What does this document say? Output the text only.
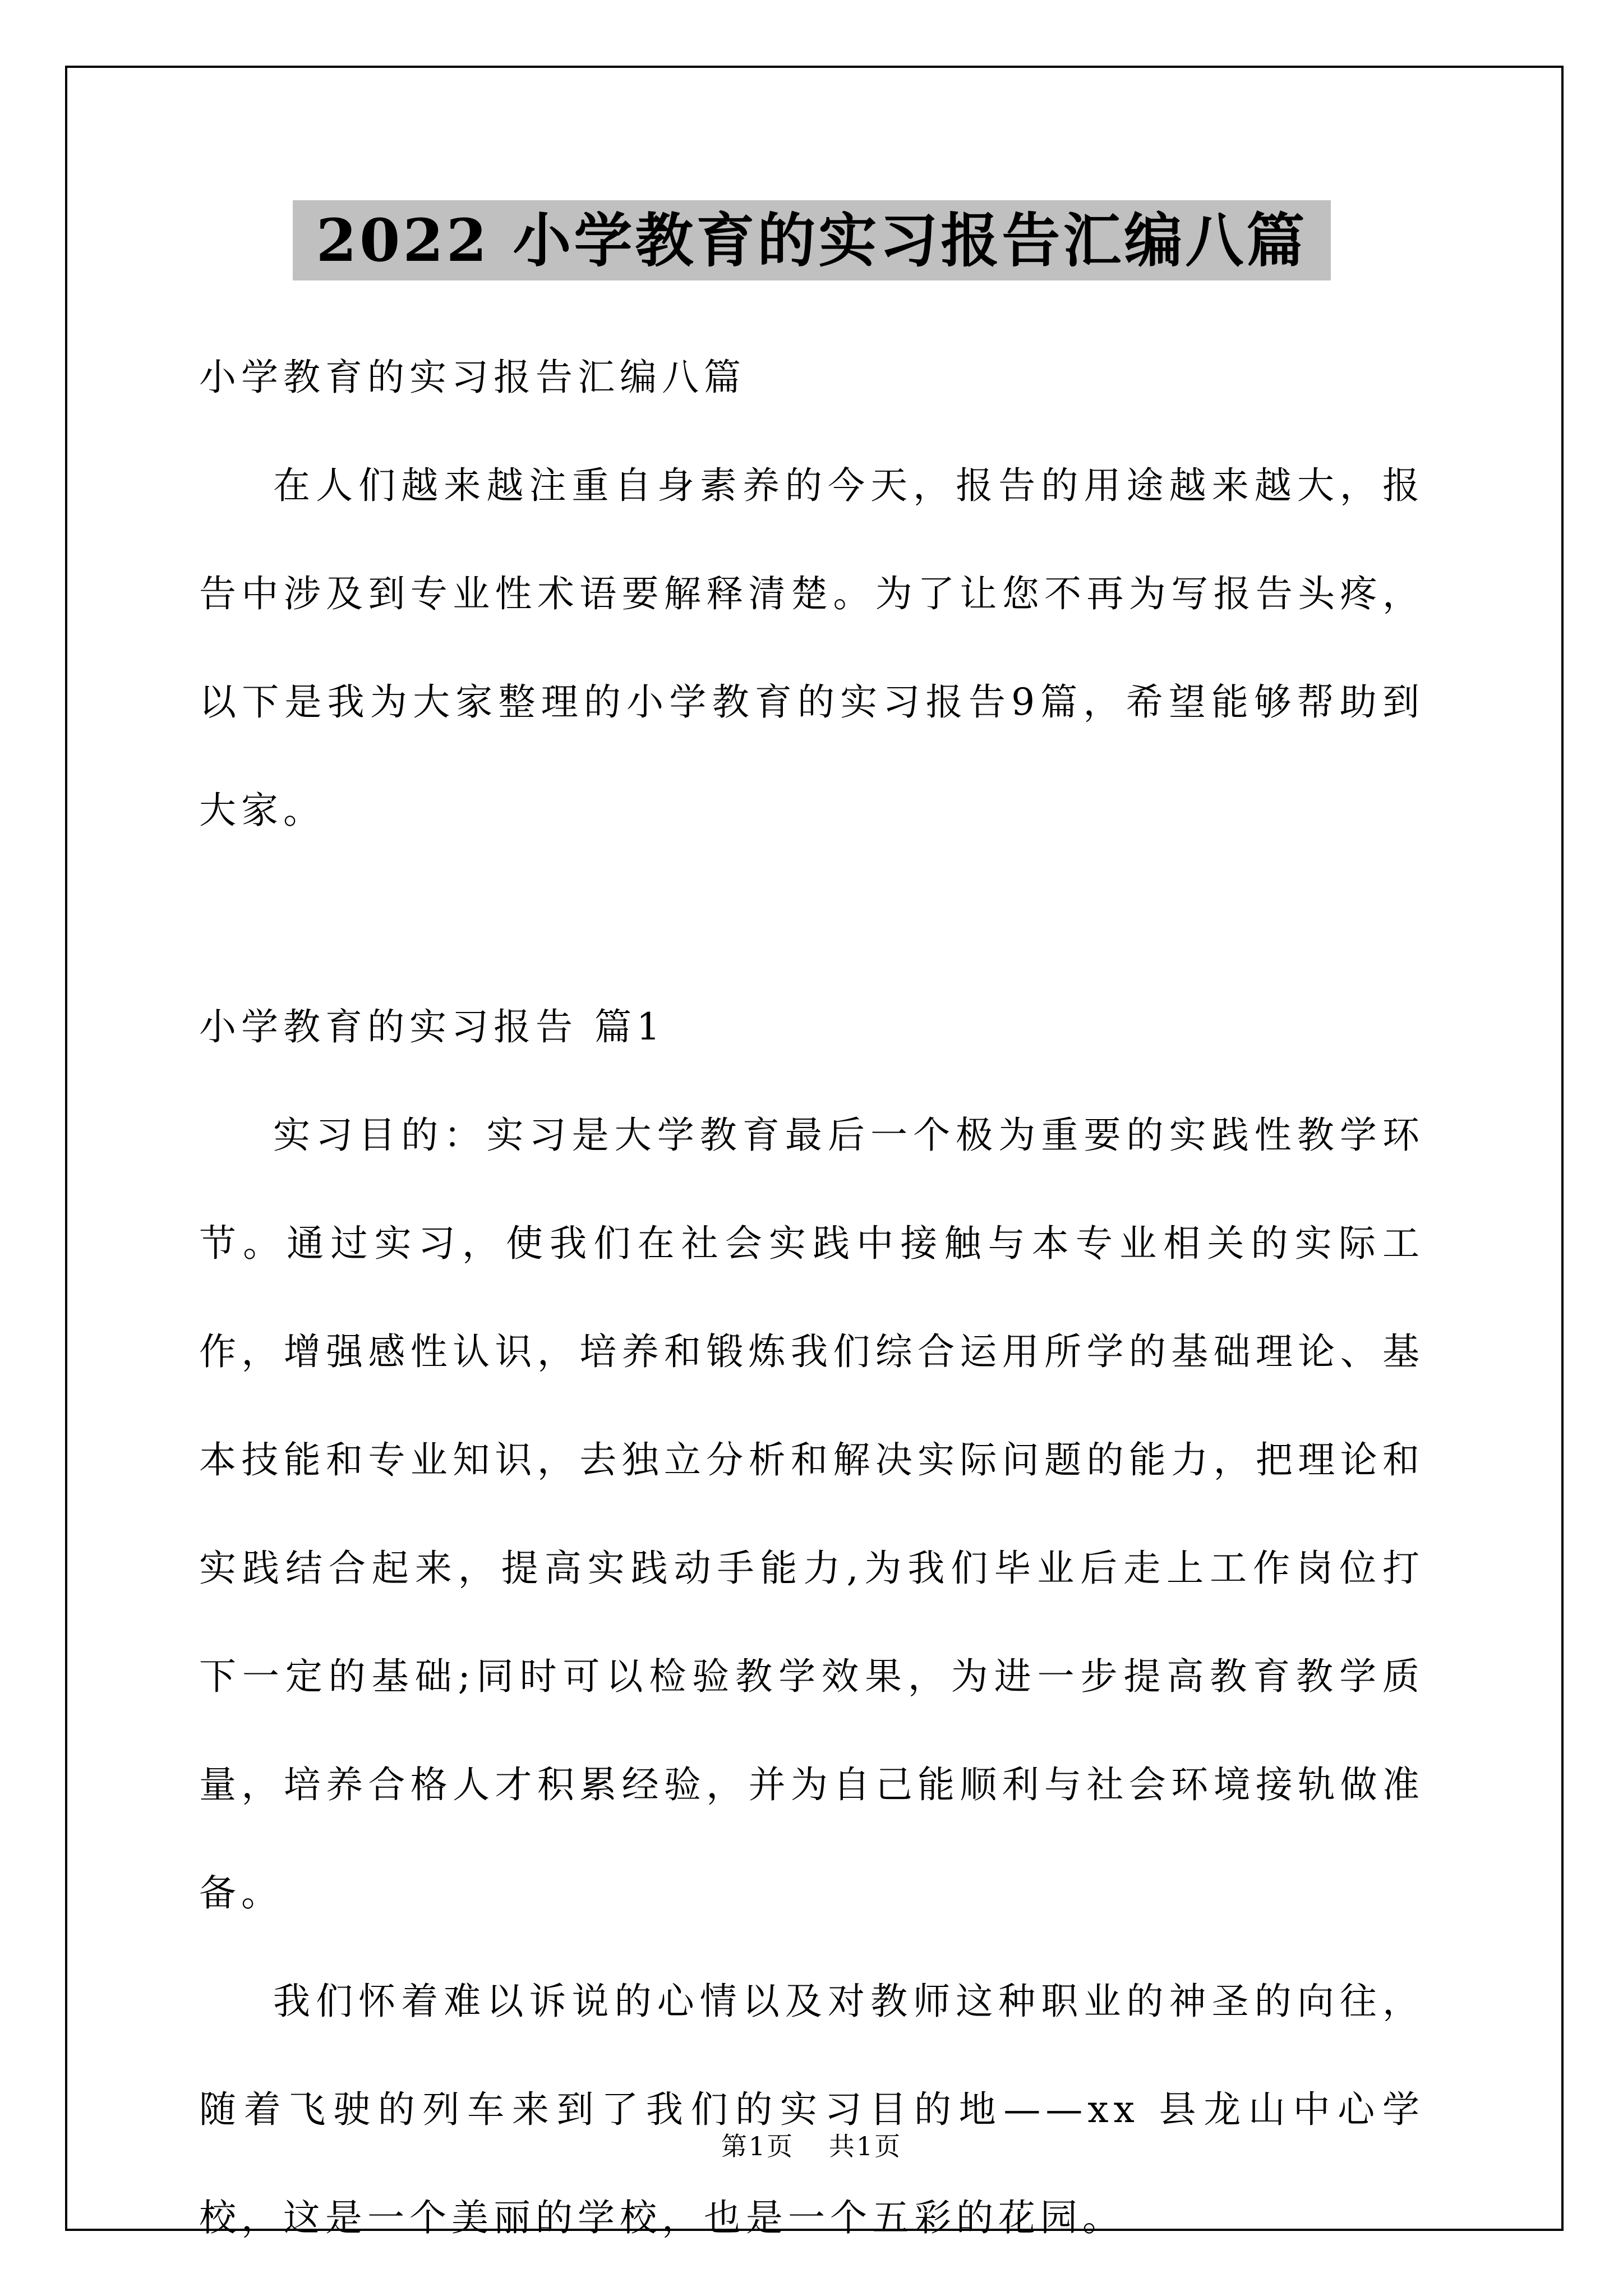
2022 小学教育的实习报告汇编八篇

小学教育的实习报告汇编八篇

在人们越来越注重自身素养的今天，报告的用途越来越大，报告中涉及到专业性术语要解释清楚。为了让您不再为写报告头疼，以下是我为大家整理的小学教育的实习报告9篇，希望能够帮助到大家。

小学教育的实习报告 篇1

实习目的：实习是大学教育最后一个极为重要的实践性教学环节。通过实习，使我们在社会实践中接触与本专业相关的实际工作，增强感性认识，培养和锻炼我们综合运用所学的基础理论、基本技能和专业知识，去独立分析和解决实际问题的能力，把理论和实践结合起来，提高实践动手能力,为我们毕业后走上工作岗位打下一定的基础;同时可以检验教学效果，为进一步提高教育教学质量，培养合格人才积累经验，并为自己能顺利与社会环境接轨做准备。

我们怀着难以诉说的心情以及对教师这种职业的神圣的向往，随着飞驶的列车来到了我们的实习目的地——xx 县龙山中心学校，这是一个美丽的学校，也是一个五彩的花园。

第1页 共1页
